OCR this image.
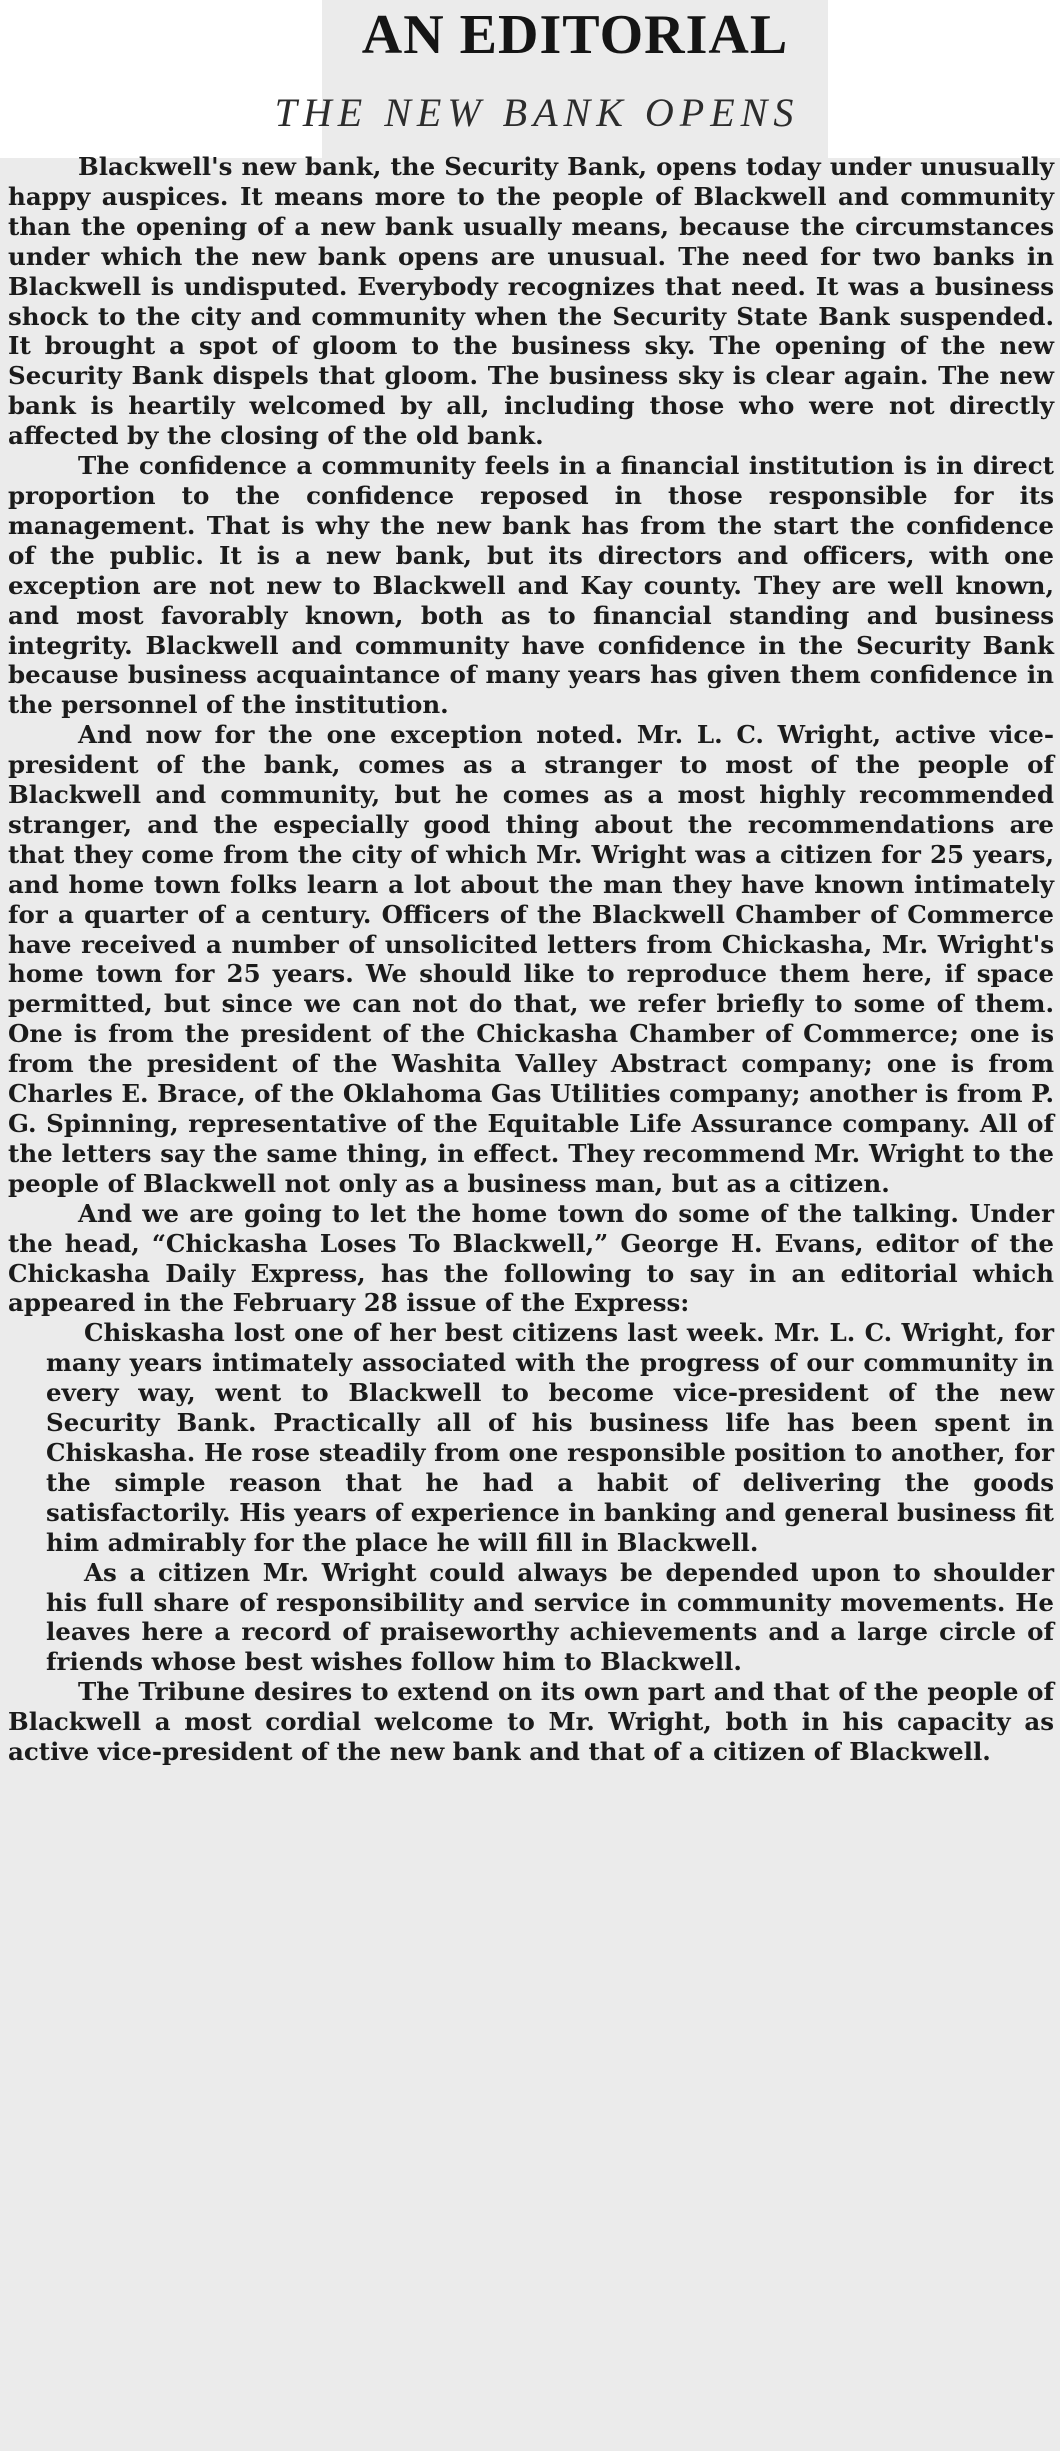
AN EDITORIAL
THE NEW BANK OPENS

Blackwell's new bank, the Security Bank, opens today under unusually happy auspices. It means more to the people of Blackwell and community than the opening of a new bank usually means, because the circumstances under which the new bank opens are unusual. The need for two banks in Blackwell is undisputed. Everybody recognizes that need. It was a business shock to the city and community when the Security State Bank suspended. It brought a spot of gloom to the business sky. The opening of the new Security Bank dispels that gloom. The business sky is clear again. The new bank is heartily welcomed by all, including those who were not directly affected by the closing of the old bank.

The confidence a community feels in a financial institution is in direct proportion to the confidence reposed in those responsible for its management. That is why the new bank has from the start the confidence of the public. It is a new bank, but its directors and officers, with one exception are not new to Blackwell and Kay county. They are well known, and most favorably known, both as to financial standing and business integrity. Blackwell and community have confidence in the Security Bank because business acquaintance of many years has given them confidence in the personnel of the institution.

And now for the one exception noted. Mr. L. C. Wright, active vice-president of the bank, comes as a stranger to most of the people of Blackwell and community, but he comes as a most highly recommended stranger, and the especially good thing about the recommendations are that they come from the city of which Mr. Wright was a citizen for 25 years, and home town folks learn a lot about the man they have known intimately for a quarter of a century. Officers of the Blackwell Chamber of Commerce have received a number of unsolicited letters from Chickasha, Mr. Wright's home town for 25 years. We should like to reproduce them here, if space permitted, but since we can not do that, we refer briefly to some of them. One is from the president of the Chickasha Chamber of Commerce; one is from the president of the Washita Valley Abstract company; one is from Charles E. Brace, of the Oklahoma Gas Utilities company; another is from P. G. Spinning, representative of the Equitable Life Assurance company. All of the letters say the same thing, in effect. They recommend Mr. Wright to the people of Blackwell not only as a business man, but as a citizen.

And we are going to let the home town do some of the talking. Under the head, “Chickasha Loses To Blackwell,” George H. Evans, editor of the Chickasha Daily Express, has the following to say in an editorial which appeared in the February 28 issue of the Express:

Chiskasha lost one of her best citizens last week. Mr. L. C. Wright, for many years intimately associated with the progress of our community in every way, went to Blackwell to become vice-president of the new Security Bank. Practically all of his business life has been spent in Chiskasha. He rose steadily from one responsible position to another, for the simple reason that he had a habit of delivering the goods satisfactorily. His years of experience in banking and general business fit him admirably for the place he will fill in Blackwell.

As a citizen Mr. Wright could always be depended upon to shoulder his full share of responsibility and service in community movements. He leaves here a record of praiseworthy achievements and a large circle of friends whose best wishes follow him to Blackwell.

The Tribune desires to extend on its own part and that of the people of Blackwell a most cordial welcome to Mr. Wright, both in his capacity as active vice-president of the new bank and that of a citizen of Blackwell.
